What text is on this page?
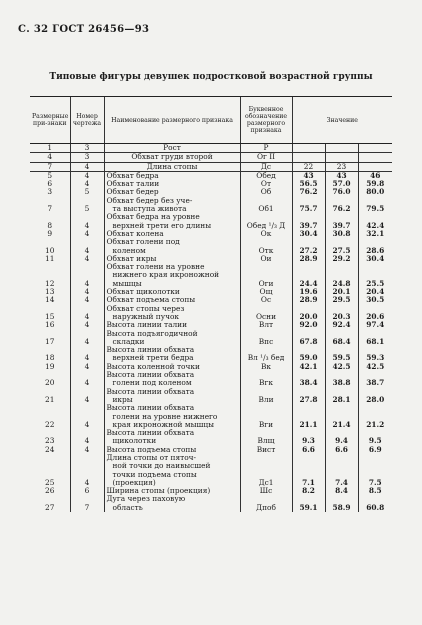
С. 32 ГОСТ 26456—93
Типовые фигуры девушек подростковой возрастной группы
Размерные при-знаки	Номер чертежа	Наименование размерного признака	Буквенное обозначение размерного признака	Значение		
1	3	Рост	Р			
4	3	Обхват груди второй	Ог II			
7	4	Длина стопы	Дс	22	23	
5	4	Обхват бедра	Обед	43	43	46
6	4	Обхват талии	От	56.5	57.0	59.8
3	5	Обхват бедер	Об	76.2	76.0	80.0
7	5	Обхват бедер без уче-
та выступа живота	Об1	75.7	76.2	79.5
8	4	Обхват бедра на уровне
верхней трети его длины	Обед ¹/₃ Д	39.7	39.7	42.4
9	4	Обхват колена	Ок	30.4	30.8	32.1
10	4	Обхват голени под
коленом	Отк	27.2	27.5	28.6
11	4	Обхват икры	Ои	28.9	29.2	30.4
12	4	Обхват голени на уровне
нижнего края икроножной
мышцы	Оги	24.4	24.8	25.5
13	4	Обхват щиколотки	Ощ	19.6	20.1	20.4
14	4	Обхват подъема стопы	Ос	28.9	29.5	30.5
15	4	Обхват стопы через
наружный пучок	Осни	20.0	20.3	20.6
16	4	Высота линии талии	Влт	92.0	92.4	97.4
17	4	Высота подъягодичной
складки	Впс	67.8	68.4	68.1
18	4	Высота линии обхвата
верхней трети бедра	Вл ¹/₃ бед	59.0	59.5	59.3
19	4	Высота коленной точки	Вк	42.1	42.5	42.5
20	4	Высота линии обхвата
голени под коленом	Вгк	38.4	38.8	38.7
21	4	Высота линии обхвата
икры	Вли	27.8	28.1	28.0
22	4	Высота линии обхвата
голени на уровне нижнего
края икроножной мышцы	Вги	21.1	21.4	21.2
23	4	Высота линии обхвата
щиколотки	Влщ	9.3	9.4	9.5
24	4	Высота подъема стопы	Вист	6.6	6.6	6.9
25	4	Длина стопы от пяточ-
ной точки до наивысшей
точки подъема стопы
(проекция)	Дс1	7.1	7.4	7.5
26	6	Ширина стопы (проекция)	Шс	8.2	8.4	8.5
27	7	Дуга через паховую
область	Дпоб	59.1	58.9	60.8
